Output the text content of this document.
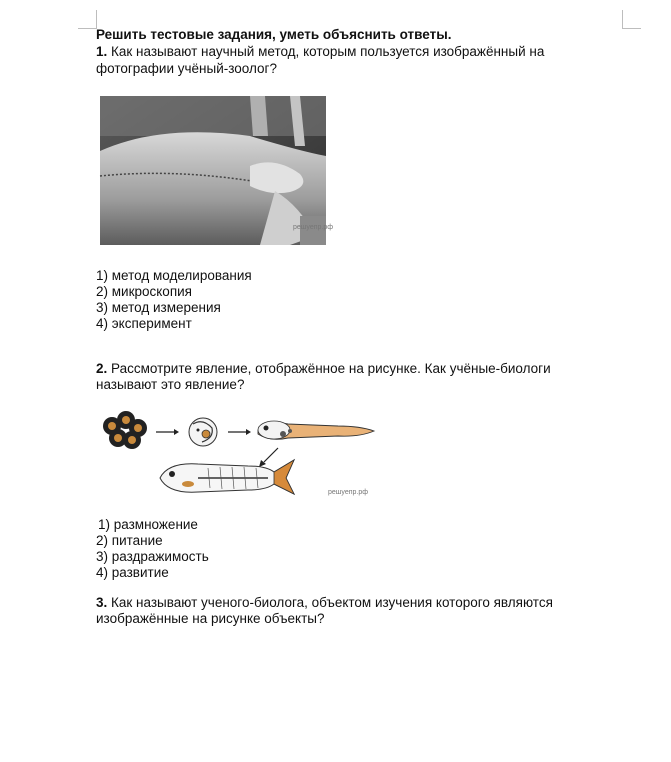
Решить тестовые задания, уметь объяснить ответы.
1. Как называют научный метод, которым пользуется изображённый на
фотографии учёный-зоолог?
решуепр.рф
1) метод моделирования
2) микроскопия
3) метод измерения
4) эксперимент
2. Рассмотрите явление, отображённое на рисунке. Как учёные-биологи
называют это явление?
решуепр.рф
1) размножение
2) питание
3) раздражимость
4) развитие
3. Как называют ученого-биолога, объектом изучения которого являются
изображённые на рисунке объекты?
